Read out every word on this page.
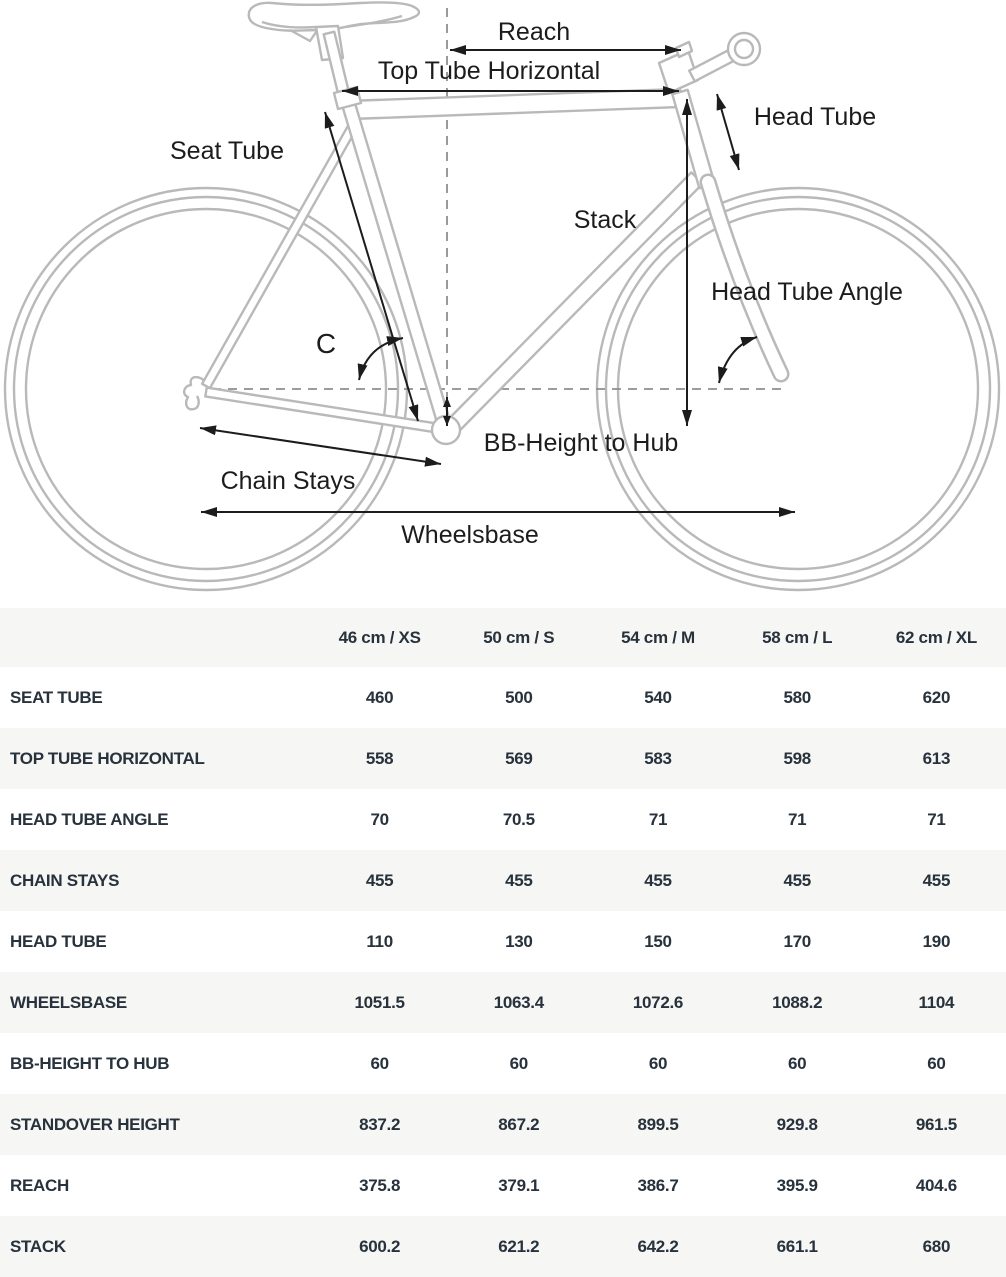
Reach
Top Tube Horizontal
Head Tube
Seat Tube
Stack
Head Tube Angle
C
BB-Height to Hub
Chain Stays
Wheelsbase
	46 cm / XS	50 cm / S	54 cm / M	58 cm / L	62 cm / XL
SEAT TUBE	460	500	540	580	620
TOP TUBE HORIZONTAL	558	569	583	598	613
HEAD TUBE ANGLE	70	70.5	71	71	71
CHAIN STAYS	455	455	455	455	455
HEAD TUBE	110	130	150	170	190
WHEELSBASE	1051.5	1063.4	1072.6	1088.2	1104
BB-HEIGHT TO HUB	60	60	60	60	60
STANDOVER HEIGHT	837.2	867.2	899.5	929.8	961.5
REACH	375.8	379.1	386.7	395.9	404.6
STACK	600.2	621.2	642.2	661.1	680
